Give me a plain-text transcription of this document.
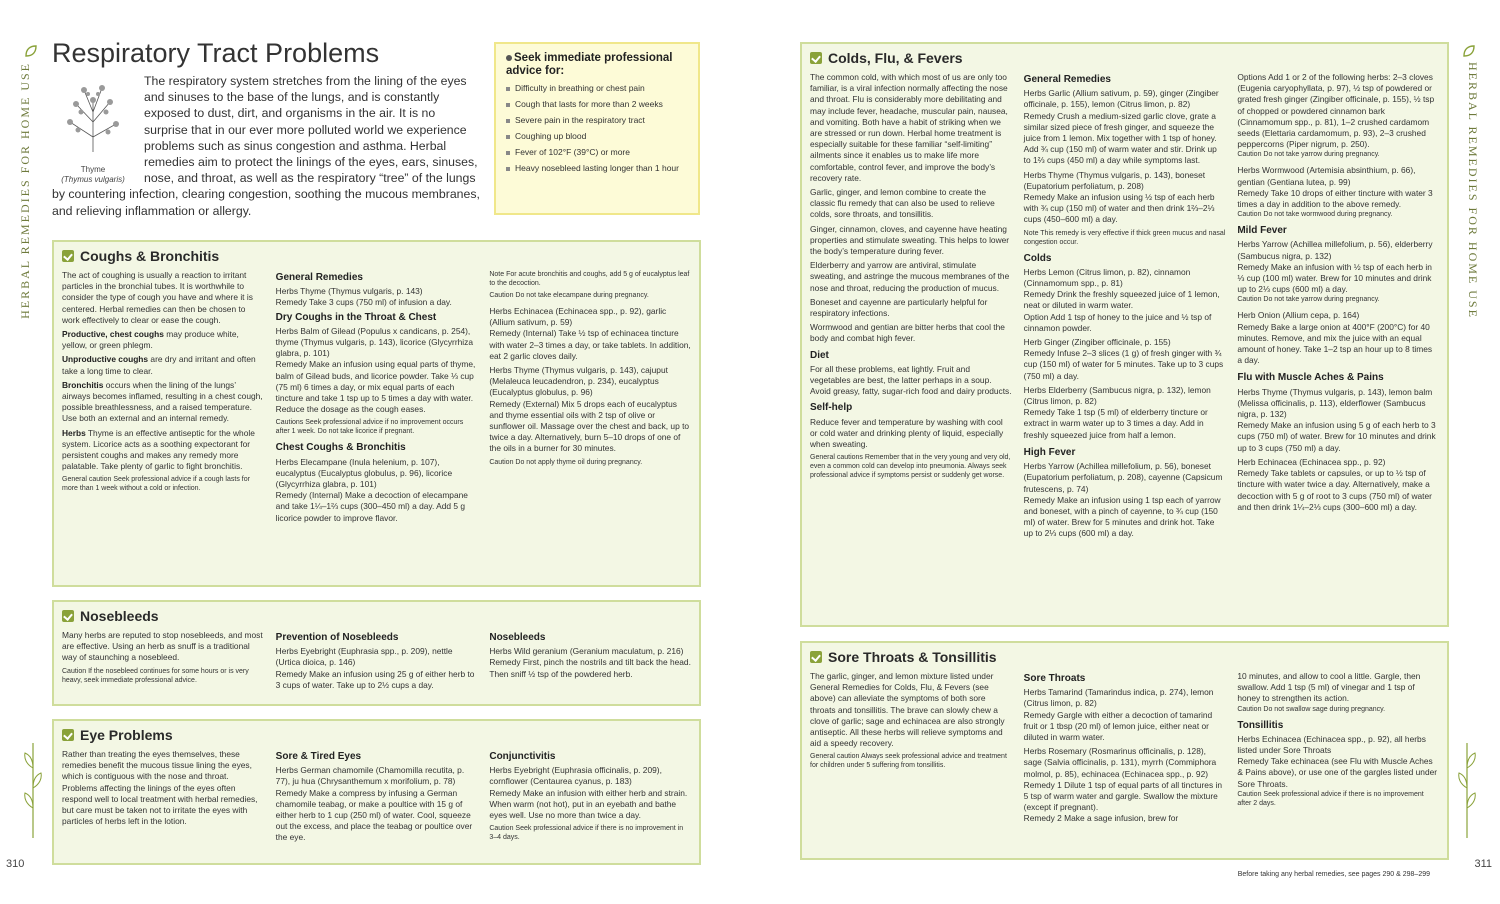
HERBAL REMEDIES FOR HOME USE	HERBAL REMEDIES FOR HOME USE
310	311
Before taking any herbal remedies, see pages 290 & 298–299
Respiratory Tract Problems
Thyme
(Thymus vulgaris)
The respiratory system stretches from the lining of the eyes and sinuses to the base of the lungs, and is constantly exposed to dust, dirt, and organisms in the air. It is no surprise that in our ever more polluted world we experience problems such as sinus congestion and asthma. Herbal remedies aim to protect the linings of the eyes, ears, sinuses, nose, and throat, as well as the respiratory “tree” of the lungs by countering infection, clearing congestion, soothing the mucous membranes, and relieving inflammation or allergy.
Seek immediate professional advice for:
Difficulty in breathing or chest pain
Cough that lasts for more than 2 weeks
Severe pain in the respiratory tract
Coughing up blood
Fever of 102°F (39°C) or more
Heavy nosebleed lasting longer than 1 hour
Coughs & Bronchitis

The act of coughing is usually a reaction to irritant particles in the bronchial tubes. It is worthwhile to consider the type of cough you have and where it is centered. Herbal remedies can then be chosen to work effectively to clear or ease the cough.

Productive, chest coughs may produce white, yellow, or green phlegm.

Unproductive coughs are dry and irritant and often take a long time to clear.

Bronchitis occurs when the lining of the lungs’ airways becomes inflamed, resulting in a chest cough, possible breathlessness, and a raised temperature. Use both an external and an internal remedy.

Herbs Thyme is an effective antiseptic for the whole system. Licorice acts as a soothing expectorant for persistent coughs and makes any remedy more palatable. Take plenty of garlic to fight bronchitis.

General caution Seek professional advice if a cough lasts for more than 1 week without a cold or infection.

General Remedies

Herbs Thyme (Thymus vulgaris, p. 143)

Remedy Take 3 cups (750 ml) of infusion a day.

Dry Coughs in the Throat & Chest

Herbs Balm of Gilead (Populus x candicans, p. 254), thyme (Thymus vulgaris, p. 143), licorice (Glycyrrhiza glabra, p. 101)

Remedy Make an infusion using equal parts of thyme, balm of Gilead buds, and licorice powder. Take ⅓ cup (75 ml) 6 times a day, or mix equal parts of each tincture and take 1 tsp up to 5 times a day with water. Reduce the dosage as the cough eases.

Cautions Seek professional advice if no improvement occurs after 1 week. Do not take licorice if pregnant.

Chest Coughs & Bronchitis

Herbs Elecampane (Inula helenium, p. 107), eucalyptus (Eucalyptus globulus, p. 96), licorice (Glycyrrhiza glabra, p. 101)

Remedy (Internal) Make a decoction of elecampane and take 1¼–1⅔ cups (300–450 ml) a day. Add 5 g licorice powder to improve flavor.

Note For acute bronchitis and coughs, add 5 g of eucalyptus leaf to the decoction.

Caution Do not take elecampane during pregnancy.

Herbs Echinacea (Echinacea spp., p. 92), garlic (Allium sativum, p. 59)

Remedy (Internal) Take ½ tsp of echinacea tincture with water 2–3 times a day, or take tablets. In addition, eat 2 garlic cloves daily.

Herbs Thyme (Thymus vulgaris, p. 143), cajuput (Melaleuca leucadendron, p. 234), eucalyptus (Eucalyptus globulus, p. 96)

Remedy (External) Mix 5 drops each of eucalyptus and thyme essential oils with 2 tsp of olive or sunflower oil. Massage over the chest and back, up to twice a day. Alternatively, burn 5–10 drops of one of the oils in a burner for 30 minutes.

Caution Do not apply thyme oil during pregnancy.

Nosebleeds

Many herbs are reputed to stop nosebleeds, and most are effective. Using an herb as snuff is a traditional way of staunching a nosebleed.

Caution If the nosebleed continues for some hours or is very heavy, seek immediate professional advice.

Prevention of Nosebleeds

Herbs Eyebright (Euphrasia spp., p. 209), nettle (Urtica dioica, p. 146)

Remedy Make an infusion using 25 g of either herb to 3 cups of water. Take up to 2½ cups a day.

Nosebleeds

Herbs Wild geranium (Geranium maculatum, p. 216)

Remedy First, pinch the nostrils and tilt back the head. Then sniff ½ tsp of the powdered herb.

Eye Problems

Rather than treating the eyes themselves, these remedies benefit the mucous tissue lining the eyes, which is contiguous with the nose and throat. Problems affecting the linings of the eyes often respond well to local treatment with herbal remedies, but care must be taken not to irritate the eyes with particles of herbs left in the lotion.

Sore & Tired Eyes

Herbs German chamomile (Chamomilla recutita, p. 77), ju hua (Chrysanthemum x morifolium, p. 78)

Remedy Make a compress by infusing a German chamomile teabag, or make a poultice with 15 g of either herb to 1 cup (250 ml) of water. Cool, squeeze out the excess, and place the teabag or poultice over the eye.

Conjunctivitis

Herbs Eyebright (Euphrasia officinalis, p. 209), cornflower (Centaurea cyanus, p. 183)

Remedy Make an infusion with either herb and strain. When warm (not hot), put in an eyebath and bathe eyes well. Use no more than twice a day.

Caution Seek professional advice if there is no improvement in 3–4 days.

Colds, Flu, & Fevers

The common cold, with which most of us are only too familiar, is a viral infection normally affecting the nose and throat. Flu is considerably more debilitating and may include fever, headache, muscular pain, nausea, and vomiting. Both have a habit of striking when we are stressed or run down. Herbal home treatment is especially suitable for these familiar “self-limiting” ailments since it enables us to make life more comfortable, control fever, and improve the body’s recovery rate.

Garlic, ginger, and lemon combine to create the classic flu remedy that can also be used to relieve colds, sore throats, and tonsillitis.

Ginger, cinnamon, cloves, and cayenne have heating properties and stimulate sweating. This helps to lower the body’s temperature during fever.

Elderberry and yarrow are antiviral, stimulate sweating, and astringe the mucous membranes of the nose and throat, reducing the production of mucus.

Boneset and cayenne are particularly helpful for respiratory infections.

Wormwood and gentian are bitter herbs that cool the body and combat high fever.

Diet

For all these problems, eat lightly. Fruit and vegetables are best, the latter perhaps in a soup. Avoid greasy, fatty, sugar-rich food and dairy products.

Self-help

Reduce fever and temperature by washing with cool or cold water and drinking plenty of liquid, especially when sweating.

General cautions Remember that in the very young and very old, even a common cold can develop into pneumonia. Always seek professional advice if symptoms persist or suddenly get worse.

General Remedies

Herbs Garlic (Allium sativum, p. 59), ginger (Zingiber officinale, p. 155), lemon (Citrus limon, p. 82)

Remedy Crush a medium-sized garlic clove, grate a similar sized piece of fresh ginger, and squeeze the juice from 1 lemon. Mix together with 1 tsp of honey. Add ¾ cup (150 ml) of warm water and stir. Drink up to 1⅔ cups (450 ml) a day while symptoms last.

Herbs Thyme (Thymus vulgaris, p. 143), boneset (Eupatorium perfoliatum, p. 208)

Remedy Make an infusion using ½ tsp of each herb with ¾ cup (150 ml) of water and then drink 1⅔–2⅓ cups (450–600 ml) a day.

Note This remedy is very effective if thick green mucus and nasal congestion occur.

Colds

Herbs Lemon (Citrus limon, p. 82), cinnamon (Cinnamomum spp., p. 81)

Remedy Drink the freshly squeezed juice of 1 lemon, neat or diluted in warm water.

Option Add 1 tsp of honey to the juice and ½ tsp of cinnamon powder.

Herb Ginger (Zingiber officinale, p. 155)

Remedy Infuse 2–3 slices (1 g) of fresh ginger with ¾ cup (150 ml) of water for 5 minutes. Take up to 3 cups (750 ml) a day.

Herbs Elderberry (Sambucus nigra, p. 132), lemon (Citrus limon, p. 82)

Remedy Take 1 tsp (5 ml) of elderberry tincture or extract in warm water up to 3 times a day. Add in freshly squeezed juice from half a lemon.

High Fever

Herbs Yarrow (Achillea millefolium, p. 56), boneset (Eupatorium perfoliatum, p. 208), cayenne (Capsicum frutescens, p. 74)

Remedy Make an infusion using 1 tsp each of yarrow and boneset, with a pinch of cayenne, to ¾ cup (150 ml) of water. Brew for 5 minutes and drink hot. Take up to 2⅓ cups (600 ml) a day.

Options Add 1 or 2 of the following herbs: 2–3 cloves (Eugenia caryophyllata, p. 97), ½ tsp of powdered or grated fresh ginger (Zingiber officinale, p. 155), ½ tsp of chopped or powdered cinnamon bark (Cinnamomum spp., p. 81), 1–2 crushed cardamom seeds (Elettaria cardamomum, p. 93), 2–3 crushed peppercorns (Piper nigrum, p. 250).

Caution Do not take yarrow during pregnancy.

Herbs Wormwood (Artemisia absinthium, p. 66), gentian (Gentiana lutea, p. 99)

Remedy Take 10 drops of either tincture with water 3 times a day in addition to the above remedy.

Caution Do not take wormwood during pregnancy.

Mild Fever

Herbs Yarrow (Achillea millefolium, p. 56), elderberry (Sambucus nigra, p. 132)

Remedy Make an infusion with ½ tsp of each herb in ⅓ cup (100 ml) water. Brew for 10 minutes and drink up to 2⅓ cups (600 ml) a day.

Caution Do not take yarrow during pregnancy.

Herb Onion (Allium cepa, p. 164)

Remedy Bake a large onion at 400°F (200°C) for 40 minutes. Remove, and mix the juice with an equal amount of honey. Take 1–2 tsp an hour up to 8 times a day.

Flu with Muscle Aches & Pains

Herbs Thyme (Thymus vulgaris, p. 143), lemon balm (Melissa officinalis, p. 113), elderflower (Sambucus nigra, p. 132)

Remedy Make an infusion using 5 g of each herb to 3 cups (750 ml) of water. Brew for 10 minutes and drink up to 3 cups (750 ml) a day.

Herb Echinacea (Echinacea spp., p. 92)

Remedy Take tablets or capsules, or up to ½ tsp of tincture with water twice a day. Alternatively, make a decoction with 5 g of root to 3 cups (750 ml) of water and then drink 1¼–2⅓ cups (300–600 ml) a day.

Sore Throats & Tonsillitis

The garlic, ginger, and lemon mixture listed under General Remedies for Colds, Flu, & Fevers (see above) can alleviate the symptoms of both sore throats and tonsillitis. The brave can slowly chew a clove of garlic; sage and echinacea are also strongly antiseptic. All these herbs will relieve symptoms and aid a speedy recovery.

General caution Always seek professional advice and treatment for children under 5 suffering from tonsillitis.

Sore Throats

Herbs Tamarind (Tamarindus indica, p. 274), lemon (Citrus limon, p. 82)

Remedy Gargle with either a decoction of tamarind fruit or 1 tbsp (20 ml) of lemon juice, either neat or diluted in warm water.

Herbs Rosemary (Rosmarinus officinalis, p. 128), sage (Salvia officinalis, p. 131), myrrh (Commiphora molmol, p. 85), echinacea (Echinacea spp., p. 92)

Remedy 1 Dilute 1 tsp of equal parts of all tinctures in 5 tsp of warm water and gargle. Swallow the mixture (except if pregnant).

Remedy 2 Make a sage infusion, brew for

10 minutes, and allow to cool a little. Gargle, then swallow. Add 1 tsp (5 ml) of vinegar and 1 tsp of honey to strengthen its action.

Caution Do not swallow sage during pregnancy.

Tonsillitis

Herbs Echinacea (Echinacea spp., p. 92), all herbs listed under Sore Throats

Remedy Take echinacea (see Flu with Muscle Aches & Pains above), or use one of the gargles listed under Sore Throats.

Caution Seek professional advice if there is no improvement after 2 days.
